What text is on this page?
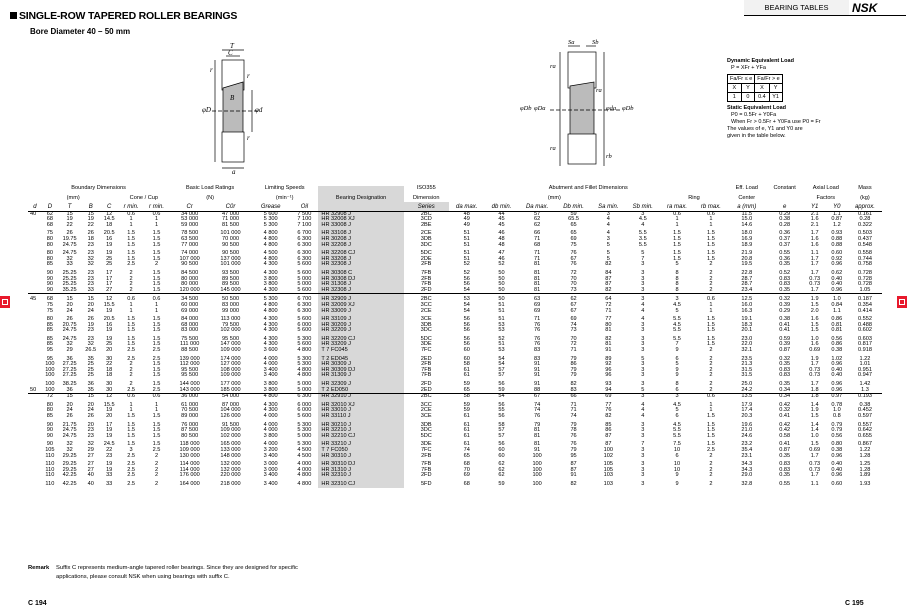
SINGLE-ROW TAPERED ROLLER BEARINGS
Bore Diameter 40 – 50 mm
BEARING TABLES	NSK
T
C
r
r
B
φD	φd
r
a
Sa	Sb
ra
ra
φDb φDa	φda φDb
ra
rb
Dynamic Equivalent Load
P = XFr + YFa
Fa/Fr ≤ e		Fa/Fr > e	
X	Y	X	Y
1	0	0.4	Y1
Static Equivalent Load
P0 = 0.5Fr + Y0Fa
When Fr > 0.5Fr + Y0Fa use P0 = Fr
The values of e, Y1 and Y0 are
given in the table below.
Boundary Dimensions							Basic Load Ratings		Limiting Speeds			ISO355	Abutment and Fillet Dimensions								Eff. Load	Constant	Axial Load		Mass
(mm)					Cone / Cup		(N)		(min⁻¹)		Bearing Designation	Dimension	(mm)						Ring		Center		Factors		(kg)
d	D	T	B	C	r min.	r min.	Cr	C0r	Grease	Oil		Series	da max.	db min.	Da max.	Db min.	Sa min.	Sb min.	ra max.	rb max.	a (mm)	e	Y1	Y0	approx.
40	62	15	15	12	0.6	0.6	34 000	47 000	5 600	7 500	HR 32908 J	2BC	48	44	57	59	3	3	0.6	0.6	11.5	0.29	2.1	1.1	0.161
	68	19	19	14.5	1	1	53 000	71 000	5 300	7 100	HR 32008 XJ	3CD	49	45	62	65.5	4	4.5	1	1	15.0	0.38	1.6	0.87	0.28
	68	22	22	18	1	1	59 000	81 500	5 300	7 100	HR 33008 J	2BE	49	45	62	65	4	4	1	1	14.6	0.28	2.1	1.2	0.322
	75	26	26	20.5	1.5	1.5	78 500	101 000	4 800	6 700	HR 33108 J	2CE	51	46	66	65	4	5.5	1.5	1.5	18.0	0.36	1.7	0.93	0.503
	80	19.75	18	16	1.5	1.5	63 500	70 000	4 800	6 300	HR 30208 J	3DB	51	48	71	69	3	3.5	1.5	1.5	16.9	0.37	1.6	0.88	0.437
	80	24.75	23	19	1.5	1.5	77 000	90 500	4 800	6 300	HR 32208 J	3DC	51	48	68	75	5	5.5	1.5	1.5	18.9	0.37	1.6	0.88	0.548
	80	24.75	23	19	1.5	1.5	74 000	90 500	4 500	6 300	HR 32208 CJ	5DC	51	47	71	76	5	5	1.5	1.5	21.9	0.55	1.1	0.60	0.558
	80	32	32	25	1.5	1.5	107 000	137 000	4 800	6 300	HR 33208 J	2DE	51	46	71	67	5	7	1.5	1.5	20.8	0.36	1.7	0.92	0.744
	85	33	32	25	2.5	2	90 500	101 000	4 300	5 600	HR 32308 J	2FB	52	52	81	76	82	3	5	2	19.5	0.35	1.7	0.96	0.758
	90	25.25	23	17	2	1.5	84 500	93 500	4 300	5 600	HR 30308 C	7FB	52	50	81	72	84	3	8	2	22.8	0.52	1.7	0.62	0.728
	90	25.25	23	17	2	1.5	80 000	89 500	3 800	5 000	HR 30308 DJ	2FB	56	50	81	70	87	3	8	2	28.7	0.83	0.73	0.40	0.728
	90	25.25	23	17	2	1.5	80 000	89 500	3 800	5 000	HR 31308 J	7FB	56	50	81	70	87	3	8	2	28.7	0.83	0.73	0.40	0.728
	90	35.25	33	27	2	1.5	120 000	145 000	4 300	5 600	HR 32308 J	2FD	54	50	81	73	82	3	8	2	23.4	0.35	1.7	0.96	1.05
45	68	15	15	12	0.6	0.6	34 500	50 500	5 300	6 700	HR 32909 J	2BC	53	50	63	62	64	3	3	0.6	12.5	0.32	1.9	1.0	0.187
	75	20	20	15.5	1	1	60 000	83 000	4 800	6 300	HR 32009 XJ	3CC	54	51	69	67	72	4	4.5	1	16.0	0.39	1.5	0.84	0.354
	75	24	24	19	1	1	69 000	99 000	4 800	6 300	HR 33009 J	2CE	54	51	69	67	71	4	5	1	16.3	0.29	2.0	1.1	0.414
	80	26	26	20.5	1.5	1.5	84 000	113 000	4 300	5 600	HR 33109 J	3CE	56	51	71	69	77	4	5.5	1.5	19.1	0.38	1.6	0.86	0.552
	85	20.75	19	16	1.5	1.5	68 000	79 500	4 300	6 000	HR 30209 J	3DB	56	53	76	74	80	3	4.5	1.5	18.3	0.41	1.5	0.81	0.488
	85	24.75	23	19	1.5	1.5	83 000	102 000	4 300	5 600	HR 32209 J	3DC	56	53	76	73	81	3	5.5	1.5	20.1	0.41	1.5	0.81	0.602
	85	24.75	23	19	1.5	1.5	75 500	95 500	4 300	5 300	HR 32209 CJ	5DC	56	52	76	70	82	3	5.5	1.5	23.0	0.59	1.0	0.56	0.603
	85	32	32	25	1.5	1.5	111 000	147 000	4 300	5 600	HR 33209 J	3DE	56	51	76	72	81	3	7	1.5	22.0	0.39	1.6	0.86	0.817
	95	29	26.5	20	2.5	2.5	88 500	109 000	3 600	4 800	T 7 FC045	7FC	60	53	83	71	91	3	9	2	32.1	0.87	0.69	0.38	0.918
	95	36	35	30	2.5	2.5	139 000	174 000	4 000	5 300	T 2 ED045	2ED	60	54	83	79	89	5	6	2	23.5	0.32	1.9	1.02	1.22
	100	27.25	25	22	2	1.5	112 000	127 000	4 000	5 300	HR 30309 J	2FB	58	54	91	86	92	3	5	2	21.3	0.35	1.7	0.96	1.01
	100	27.25	25	18	2	1.5	95 500	108 000	3 400	4 800	HR 30309 DJ	7FB	61	57	91	79	96	3	9	2	31.5	0.83	0.73	0.40	0.951
	100	27.25	25	18	2	1.5	95 500	109 000	3 400	4 800	HR 31309 J	7FB	61	57	91	79	96	3	9	2	31.5	0.83	0.73	0.40	0.947
	100	38.25	36	30	2	1.5	144 000	177 000	3 800	5 000	HR 32309 J	2FD	59	56	91	82	93	3	8	2	25.0	0.35	1.7	0.96	1.42
50	100	36	35	30	2.5	2.5	143 000	185 000	3 800	5 000	T 2 ED050	2ED	65	59	88	83	94	5	6	2	24.2	0.34	1.8	0.96	1.3
	72	15	15	12	0.6	0.6	36 000	54 000	4 800	6 300	HR 32910 J	2BC	58	54	67	66	69	3	3	0.6	13.5	0.34	1.8	0.97	0.193
	80	20	20	15.5	1	1	61 000	87 000	4 300	6 000	HR 32010 XJ	3CC	59	56	74	71	77	4	4.5	1	17.9	0.42	1.4	0.78	0.38
	80	24	24	19	1	1	70 500	104 000	4 300	6 000	HR 33010 J	2CE	59	55	74	71	76	4	5	1	17.4	0.32	1.9	1.0	0.452
	85	26	26	20	1.5	1.5	89 000	126 000	4 000	5 600	HR 33110 J	3CE	61	56	76	74	82	4	6	1.5	20.3	0.41	1.5	0.8	0.597
	90	21.75	20	17	1.5	1.5	76 000	91 500	4 000	5 300	HR 30210 J	3DB	61	58	79	79	85	3	4.5	1.5	19.6	0.42	1.4	0.79	0.557
	90	24.75	23	19	1.5	1.5	87 500	109 000	4 000	5 300	HR 32210 J	3DC	61	57	81	78	86	3	5.5	1.5	21.0	0.42	1.4	0.79	0.642
	90	24.75	23	19	1.5	1.5	80 500	102 000	3 800	5 000	HR 32210 CJ	5DC	61	57	81	76	87	3	5.5	1.5	24.6	0.58	1.0	0.56	0.655
	90	32	32	24.5	1.5	1.5	118 000	165 000	4 000	5 300	HR 33210 J	3DE	61	56	81	76	87	7	7.5	1.5	23.2	0.41	1.5	0.80	0.867
	105	32	29	22	3	2.5	109 000	133 000	3 200	4 500	T 7 FC050	7FC	74	60	91	79	100	3	10	2.5	35.4	0.87	0.69	0.38	1.22
	110	29.25	27	23	2.5	2	130 000	148 000	3 400	4 500	HR 30310 J	2FB	65	60	100	95	102	3	6	2	23.1	0.35	1.7	0.96	1.28
	110	29.25	27	19	2.5	2	114 000	132 000	3 000	4 000	HR 30310 DJ	7FB	68	62	100	87	105	3	10	2	34.3	0.83	0.73	0.40	1.25
	110	29.25	27	19	2.5	2	114 000	132 000	3 000	4 000	HR 31310 J	7FB	70	62	100	87	105	3	10	2	34.3	0.83	0.73	0.40	1.28
	110	42.25	40	33	2.5	2	176 000	220 000	3 400	4 800	HR 32310 J	2FD	69	62	100	91	103	3	9	2	29.0	0.35	1.7	0.96	1.89
	110	42.25	40	33	2.5	2	164 000	218 000	3 400	4 800	HR 32310 CJ	5FD	68	59	100	82	103	3	9	2	32.8	0.55	1.1	0.60	1.93
Remark Suffix C represents medium-angle tapered roller bearings. Since they are designed for specific
applications, please consult NSK when using bearings with suffix C.
C 194	C 195
